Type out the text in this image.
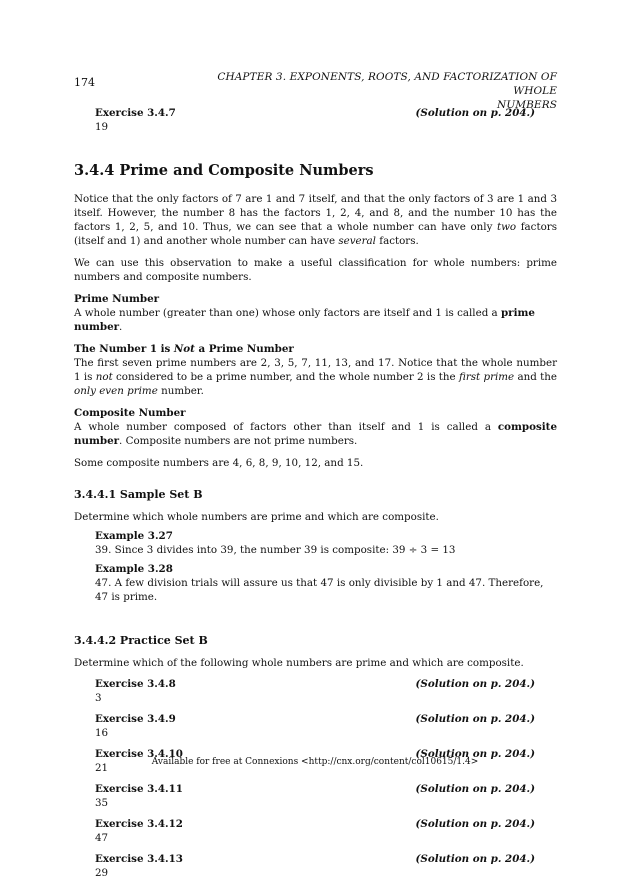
174	CHAPTER 3. EXPONENTS, ROOTS, AND FACTORIZATION OF WHOLE
NUMBERS
Exercise 3.4.7	(Solution on p. 204.)
19
3.4.4 Prime and Composite Numbers

Notice that the only factors of 7 are 1 and 7 itself, and that the only factors of 3 are 1 and 3 itself. However, the number 8 has the factors 1, 2, 4, and 8, and the number 10 has the factors 1, 2, 5, and 10. Thus, we can see that a whole number can have only two factors (itself and 1) and another whole number can have several factors.

We can use this observation to make a useful classification for whole numbers: prime numbers and composite numbers.

Prime Number
A whole number (greater than one) whose only factors are itself and 1 is called a prime number.
The Number 1 is Not a Prime Number
The first seven prime numbers are 2, 3, 5, 7, 11, 13, and 17. Notice that the whole number 1 is not considered to be a prime number, and the whole number 2 is the first prime and the only even prime number.
Composite Number
A whole number composed of factors other than itself and 1 is called a composite number. Composite numbers are not prime numbers.

Some composite numbers are 4, 6, 8, 9, 10, 12, and 15.

3.4.4.1 Sample Set B
Determine which whole numbers are prime and which are composite.
Example 3.27
39. Since 3 divides into 39, the number 39 is composite: 39 ÷ 3 = 13
Example 3.28
47. A few division trials will assure us that 47 is only divisible by 1 and 47. Therefore, 47 is prime.
3.4.4.2 Practice Set B
Determine which of the following whole numbers are prime and which are composite.
Exercise 3.4.8	(Solution on p. 204.)
3
Exercise 3.4.9	(Solution on p. 204.)
16
Exercise 3.4.10	(Solution on p. 204.)
21
Exercise 3.4.11	(Solution on p. 204.)
35
Exercise 3.4.12	(Solution on p. 204.)
47
Exercise 3.4.13	(Solution on p. 204.)
29
Available for free at Connexions <http://cnx.org/content/col10615/1.4>
